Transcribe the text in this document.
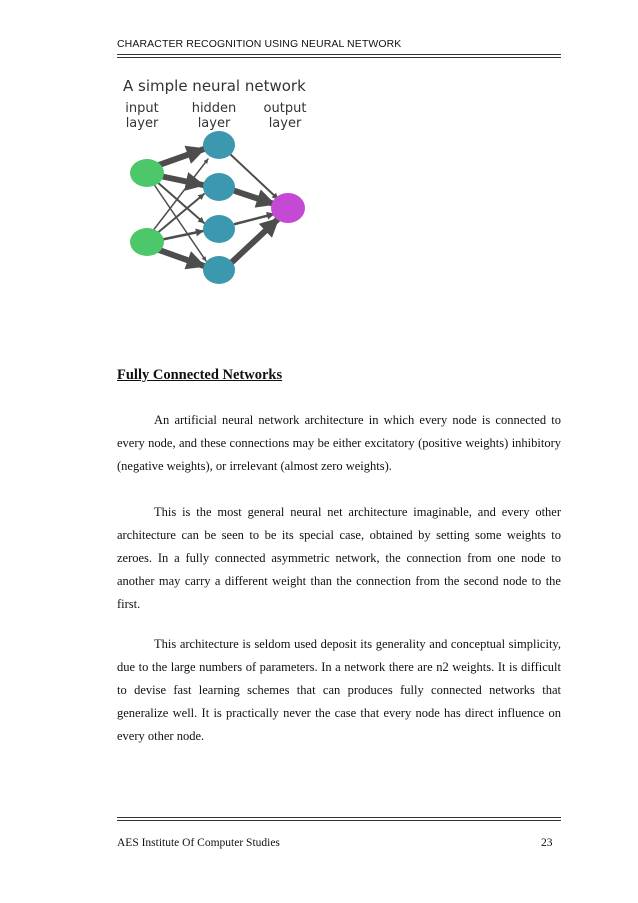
CHARACTER RECOGNITION USING NEURAL NETWORK
A simple neural network
input
layer
hidden
layer
output
layer
Fully Connected Networks

An artificial neural network architecture in which every node is connected to every node, and these connections may be either excitatory (positive weights) inhibitory (negative weights), or irrelevant (almost zero weights).

This is the most general neural net architecture imaginable, and every other architecture can be seen to be its special case, obtained by setting some weights to zeroes. In a fully connected asymmetric network, the connection from one node to another may carry a different weight than the connection from the second node to the first.

This architecture is seldom used deposit its generality and conceptual simplicity, due to the large numbers of parameters. In a network there are n2 weights. It is difficult to devise fast learning schemes that can produces fully connected networks that generalize well. It is practically never the case that every node has direct influence on every other node.

AES Institute Of Computer Studies	23
